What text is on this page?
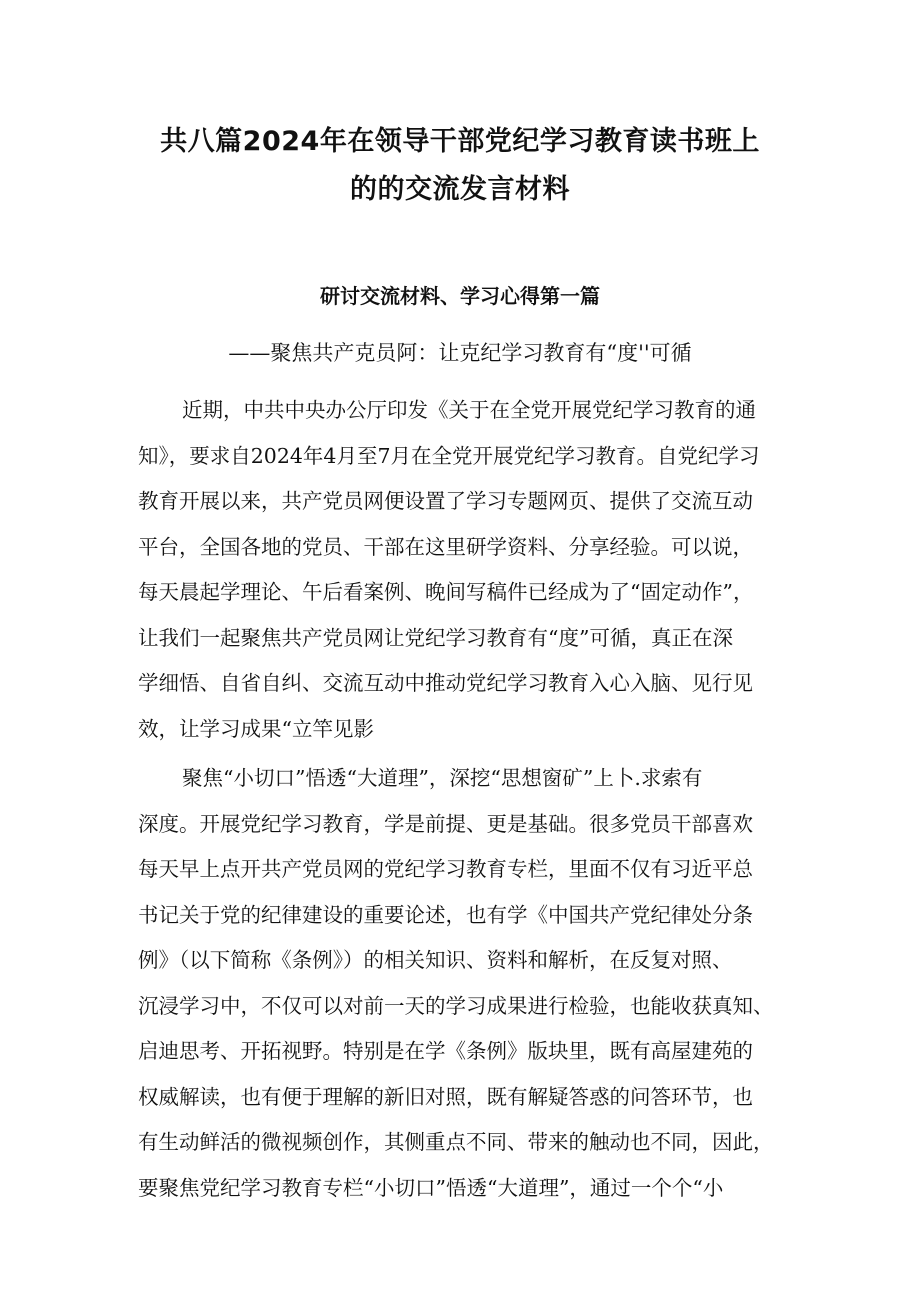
共八篇2024年在领导干部党纪学习教育读书班上
的的交流发言材料
研讨交流材料、学习心得第一篇
——聚焦共产克员阿：让克纪学习教育有“度''可循
近期，中共中央办公厅印发《关于在全党开展党纪学习教育的通
知》，要求自2024年4月至7月在全党开展党纪学习教育。自党纪学习
教育开展以来，共产党员网便设置了学习专题网页、提供了交流互动
平台，全国各地的党员、干部在这里研学资料、分享经验。可以说，
每天晨起学理论、午后看案例、晚间写稿件已经成为了“固定动作”，
让我们一起聚焦共产党员网让党纪学习教育有“度”可循，真正在深
学细悟、自省自纠、交流互动中推动党纪学习教育入心入脑、见行见
效，让学习成果“立竿见影
聚焦“小切口”悟透“大道理”，深挖“思想窗矿”上卜.求索有
深度。开展党纪学习教育，学是前提、更是基础。很多党员干部喜欢
每天早上点开共产党员网的党纪学习教育专栏，里面不仅有习近平总
书记关于党的纪律建设的重要论述，也有学《中国共产党纪律处分条
例》（以下简称《条例》）的相关知识、资料和解析，在反复对照、
沉浸学习中，不仅可以对前一天的学习成果进行检验，也能收获真知、
启迪思考、开拓视野。特别是在学《条例》版块里，既有高屋建苑的
权威解读，也有便于理解的新旧对照，既有解疑答惑的问答环节，也
有生动鲜活的微视频创作，其侧重点不同、带来的触动也不同，因此，
要聚焦党纪学习教育专栏“小切口”悟透“大道理”，通过一个个“小
